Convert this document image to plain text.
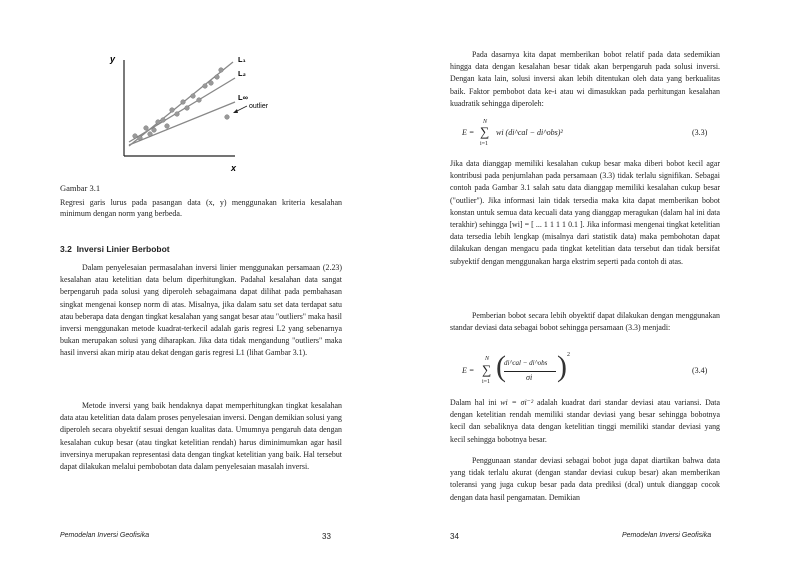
y
x
L₁
L₂
L∞
outlier
Gambar 3.1
Regresi garis lurus pada pasangan data (x, y) menggunakan kriteria kesalahan minimum dengan norm yang berbeda.
3.2 Inversi Linier Berbobot
Dalam penyelesaian permasalahan inversi linier menggunakan persamaan (2.23) kesalahan atau ketelitian data belum diperhitungkan. Padahal kesalahan data sangat berpengaruh pada solusi yang diperoleh sebagaimana dapat dilihat pada pembahasan singkat mengenai konsep norm di atas. Misalnya, jika dalam satu set data terdapat satu atau beberapa data dengan tingkat kesalahan yang sangat besar atau "outliers" maka hasil inversi menggunakan metode kuadrat-terkecil adalah garis regresi L2 yang sebenarnya bukan merupakan solusi yang diharapkan. Jika data tidak mengandung "outliers" maka hasil inversi akan mirip atau dekat dengan garis regresi L1 (lihat Gambar 3.1).
Metode inversi yang baik hendaknya dapat memperhitungkan tingkat kesalahan data atau ketelitian data dalam proses penyelesaian inversi. Dengan demikian solusi yang diperoleh secara obyektif sesuai dengan kualitas data. Umumnya pengaruh data dengan kesalahan cukup besar (atau tingkat ketelitian rendah) harus diminimumkan agar hasil inversinya merupakan representasi data dengan tingkat ketelitian yang baik. Hal tersebut dapat dilakukan melalui pembobotan data dalam penyelesaian masalah inversi.
Pemodelan Inversi Geofisika	33
Pada dasarnya kita dapat memberikan bobot relatif pada data sedemikian hingga data dengan kesalahan besar tidak akan berpengaruh pada solusi inversi. Dengan kata lain, solusi inversi akan lebih ditentukan oleh data yang berkualitas baik. Faktor pembobot data ke-i atau wi dimasukkan pada perhitungan kesalahan kuadratik sehingga diperoleh:
E =
N
∑
i=1
wi (di^cal − di^obs)²	(3.3)
Jika data dianggap memiliki kesalahan cukup besar maka diberi bobot kecil agar kontribusi pada penjumlahan pada persamaan (3.3) tidak terlalu signifikan. Sebagai contoh pada Gambar 3.1 salah satu data dianggap memiliki kesalahan cukup besar ("outlier"). Jika informasi lain tidak tersedia maka kita dapat memberikan bobot konstan untuk semua data kecuali data yang dianggap meragukan (dalam hal ini data terakhir) sehingga [wi] = [ ... 1 1 1 1 0.1 ]. Jika informasi mengenai tingkat ketelitian data tersedia lebih lengkap (misalnya dari statistik data) maka pembohotan dapat dilakukan dengan mengacu pada tingkat ketelitian data tersebut dan tidak bersifat subyektif dengan menggunakan harga ekstrim seperti pada contoh di atas.
Pemberian bobot secara lebih obyektif dapat dilakukan dengan menggunakan standar deviasi data sebagai bobot sehingga persamaan (3.3) menjadi:
E =
N
∑
i=1 (
di^cal − di^obs
σi ) 2
(3.4)
Dalam hal ini wi = σi⁻² adalah kuadrat dari standar deviasi atau variansi. Data dengan ketelitian rendah memiliki standar deviasi yang besar sehingga bobotnya kecil dan sebaliknya data dengan ketelitian tinggi memiliki standar deviasi yang kecil sehingga bobotnya besar.
Penggunaan standar deviasi sebagai bobot juga dapat diartikan bahwa data yang tidak terlalu akurat (dengan standar deviasi cukup besar) akan memberikan toleransi yang juga cukup besar pada data prediksi (dcal) untuk dianggap cocok dengan data hasil pengamatan. Demikian
34	Pemodelan Inversi Geofisika
